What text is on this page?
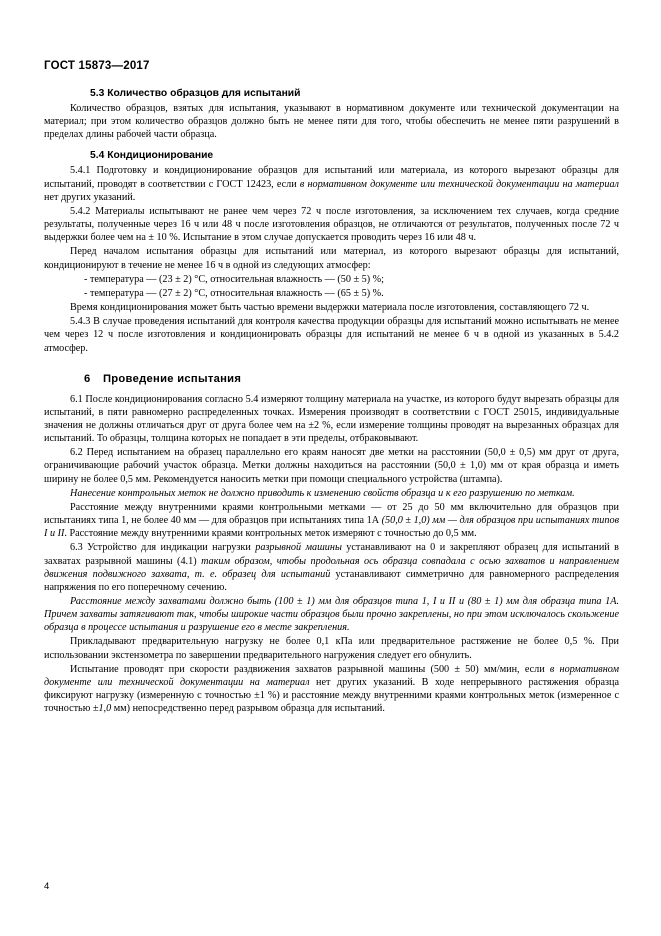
ГОСТ 15873—2017
5.3 Количество образцов для испытаний

Количество образцов, взятых для испытания, указывают в нормативном документе или технической документации на материал; при этом количество образцов должно быть не менее пяти для того, чтобы обеспечить не менее пяти разрушений в пределах длины рабочей части образца.

5.4 Кондиционирование

5.4.1 Подготовку и кондиционирование образцов для испытаний или материала, из которого вырезают образцы для испытаний, проводят в соответствии с ГОСТ 12423, если в нормативном документе или технической документации на материал нет других указаний.

5.4.2 Материалы испытывают не ранее чем через 72 ч после изготовления, за исключением тех случаев, когда средние результаты, полученные через 16 ч или 48 ч после изготовления образцов, не отличаются от результатов, полученных после 72 ч выдержки более чем на ± 10 %. Испытание в этом случае допускается проводить через 16 или 48 ч.

Перед началом испытания образцы для испытаний или материал, из которого вырезают образцы для испытаний, кондиционируют в течение не менее 16 ч в одной из следующих атмосфер:

- температура — (23 ± 2) °С, относительная влажность — (50 ± 5) %;

- температура — (27 ± 2) °С, относительная влажность — (65 ± 5) %.

Время кондиционирования может быть частью времени выдержки материала после изготовления, составляющего 72 ч.

5.4.3 В случае проведения испытаний для контроля качества продукции образцы для испытаний можно испытывать не менее чем через 12 ч после изготовления и кондиционировать образцы для испытаний не менее 6 ч в одной из указанных в 5.4.2 атмосфер.

6 Проведение испытания

6.1 После кондиционирования согласно 5.4 измеряют толщину материала на участке, из которого будут вырезать образцы для испытаний, в пяти равномерно распределенных точках. Измерения производят в соответствии с ГОСТ 25015, индивидуальные значения не должны отличаться друг от друга более чем на ±2 %, если измерение толщины проводят на вырезанных образцах для испытаний. То образцы, толщина которых не попадает в эти пределы, отбраковывают.

6.2 Перед испытанием на образец параллельно его краям наносят две метки на расстоянии (50,0 ± 0,5) мм друг от друга, ограничивающие рабочий участок образца. Метки должны находиться на расстоянии (50,0 ± 1,0) мм от края образца и иметь ширину не более 0,5 мм. Рекомендуется наносить метки при помощи специального устройства (штампа).

Нанесение контрольных меток не должно приводить к изменению свойств образца и к его разрушению по меткам.

Расстояние между внутренними краями контрольными метками — от 25 до 50 мм включительно для образцов при испытаниях типа 1, не более 40 мм — для образцов при испытаниях типа 1А (50,0 ± 1,0) мм — для образцов при испытаниях типов I и II. Расстояние между внутренними краями контрольных меток измеряют с точностью до 0,5 мм.

6.3 Устройство для индикации нагрузки разрывной машины устанавливают на 0 и закрепляют образец для испытаний в захватах разрывной машины (4.1) таким образом, чтобы продольная ось образца совпадала с осью захватов и направлением движения подвижного захвата, т. е. образец для испытаний устанавливают симметрично для равномерного распределения напряжения по его поперечному сечению.

Расстояние между захватами должно быть (100 ± 1) мм для образцов типа 1, I и II и (80 ± 1) мм для образца типа 1А. Причем захваты затягивают так, чтобы широкие части образцов были прочно закреплены, но при этом исключалось скольжение образца в процессе испытания и разрушение его в месте закрепления.

Прикладывают предварительную нагрузку не более 0,1 кПа или предварительное растяжение не более 0,5 %. При использовании экстензометра по завершении предварительного нагружения следует его обнулить.

Испытание проводят при скорости раздвижения захватов разрывной машины (500 ± 50) мм/мин, если в нормативном документе или технической документации на материал нет других указаний. В ходе непрерывного растяжения образца фиксируют нагрузку (измеренную с точностью ±1 %) и расстояние между внутренними краями контрольных меток (измеренное с точностью ±1,0 мм) непосредственно перед разрывом образца для испытаний.

4
